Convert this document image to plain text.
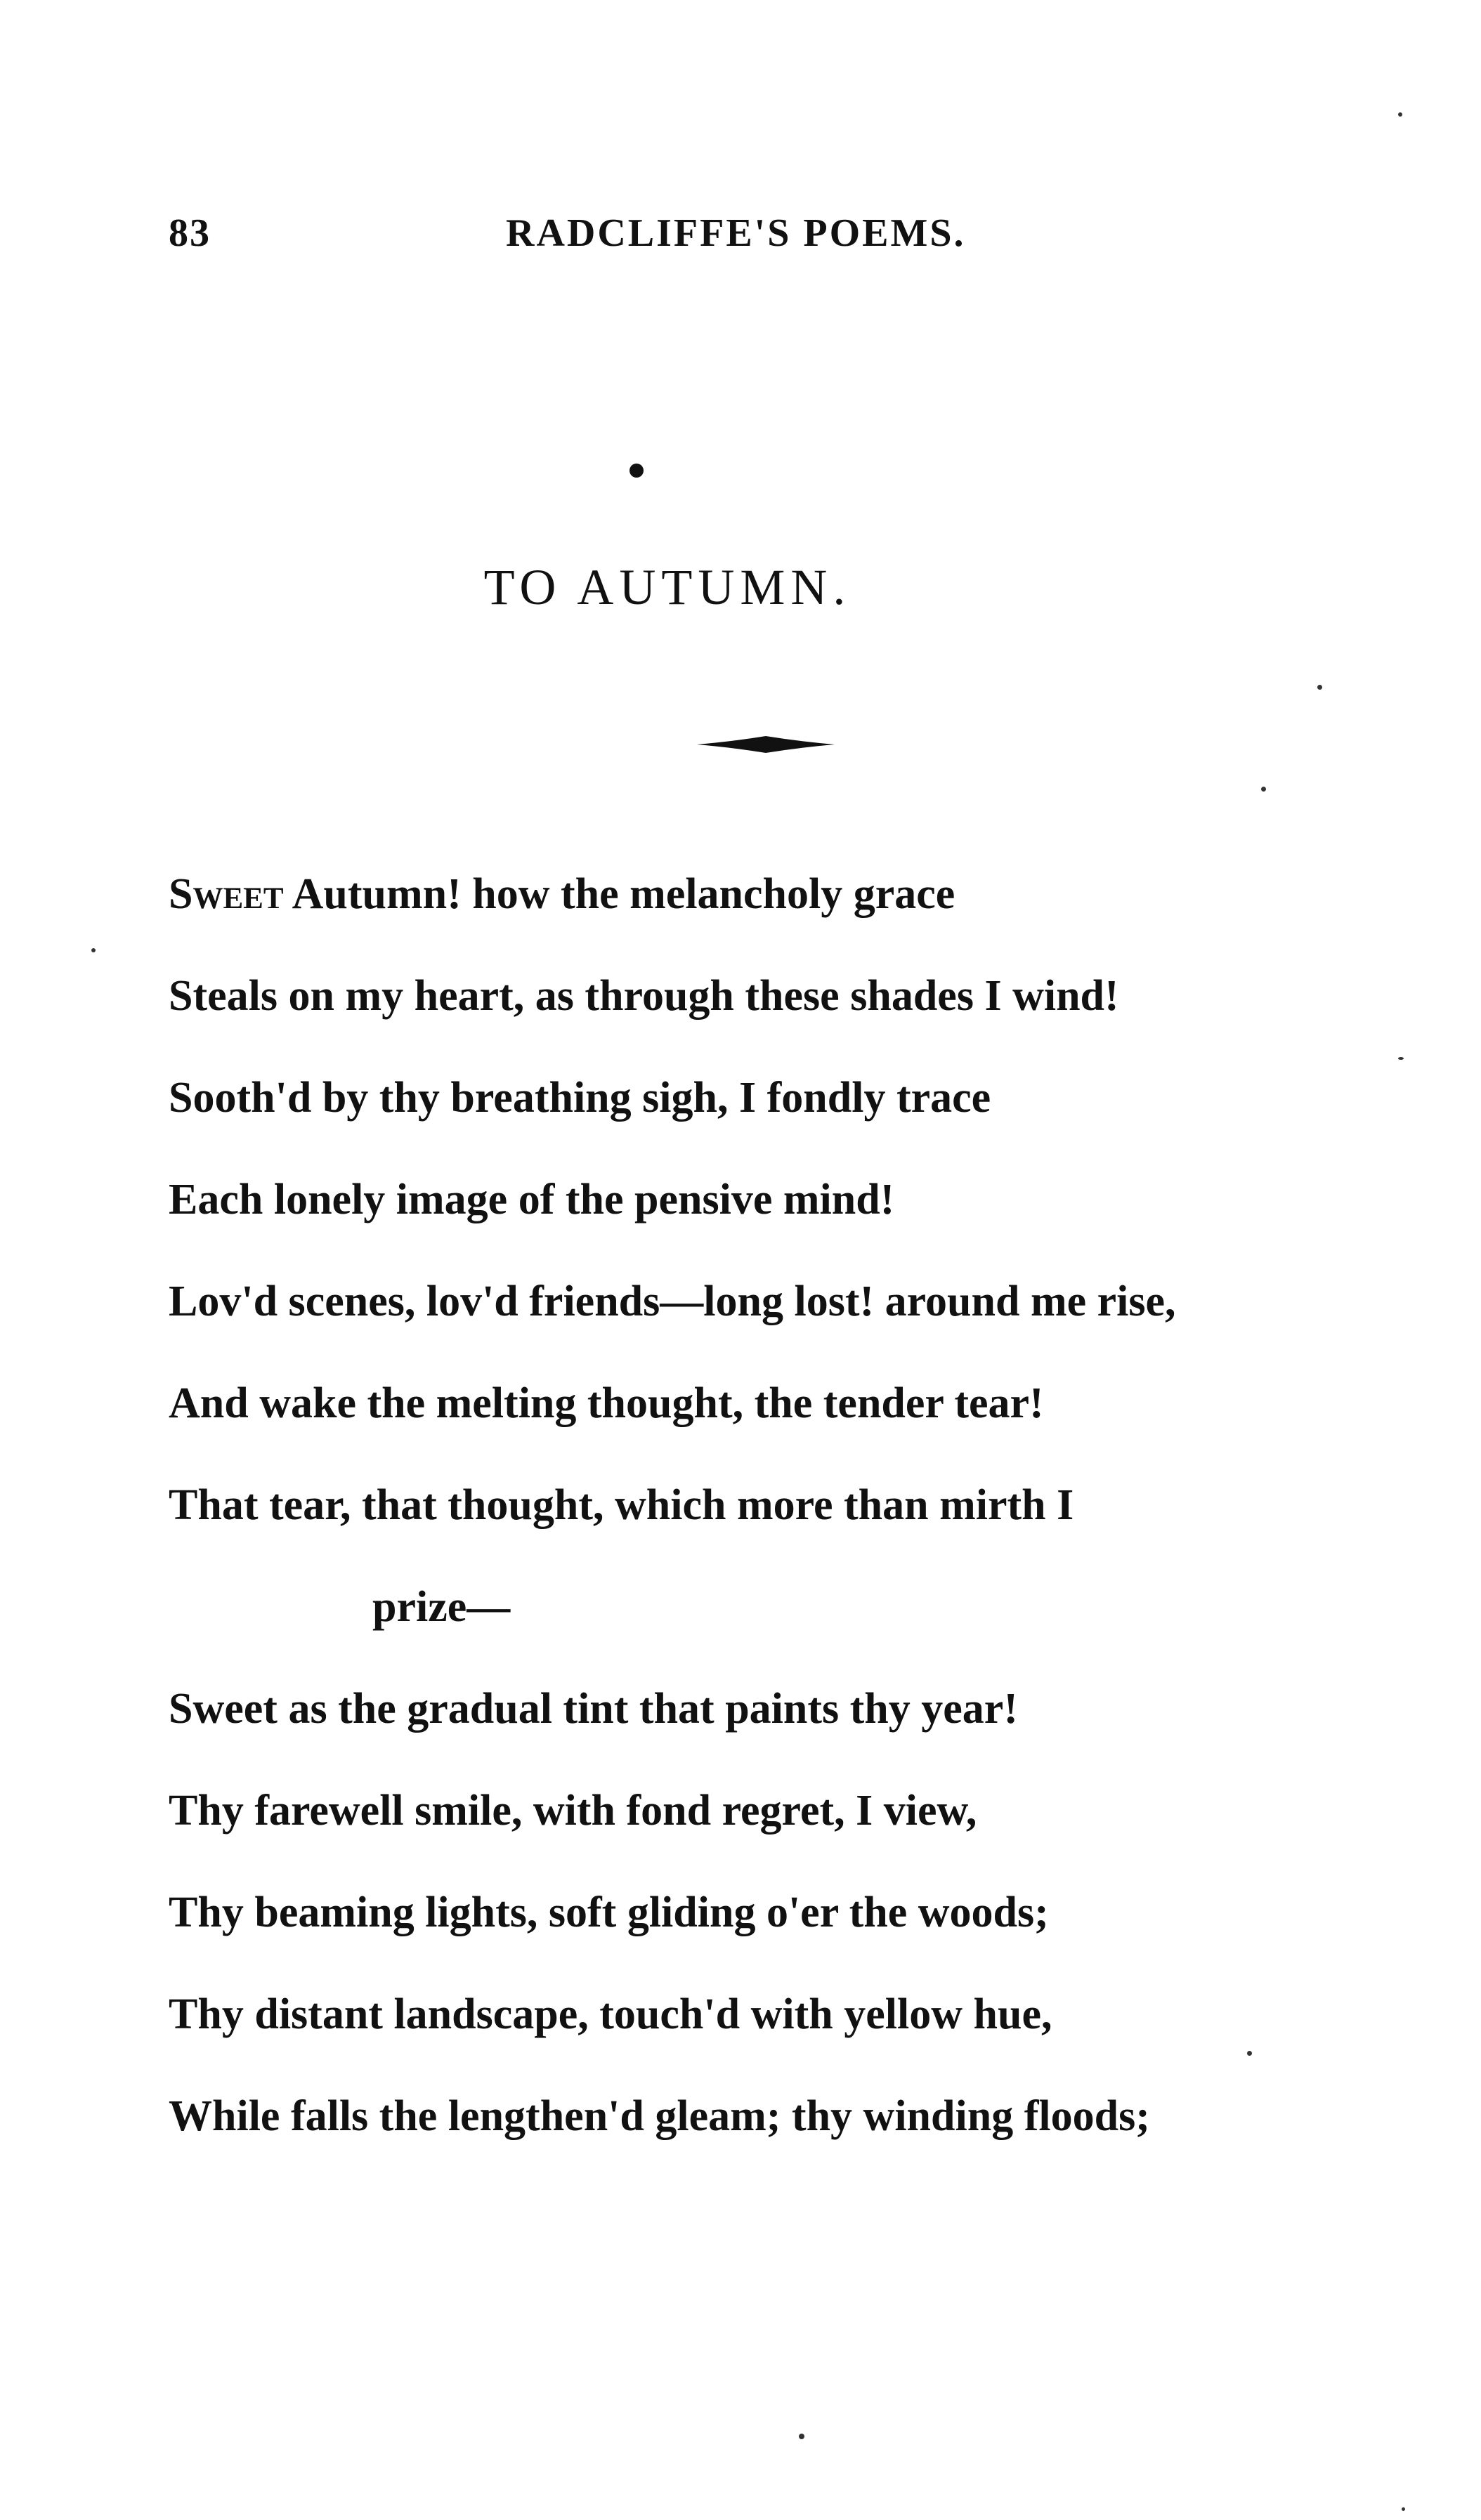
83	RADCLIFFE'S POEMS.
TO AUTUMN.
Sweet Autumn! how the melancholy grace
Steals on my heart, as through these shades I wind!
Sooth'd by thy breathing sigh, I fondly trace
Each lonely image of the pensive mind!
Lov'd scenes, lov'd friends—long lost! around me rise,
And wake the melting thought, the tender tear!
That tear, that thought, which more than mirth I
prize—
Sweet as the gradual tint that paints thy year!
Thy farewell smile, with fond regret, I view,
Thy beaming lights, soft gliding o'er the woods;
Thy distant landscape, touch'd with yellow hue,
While falls the lengthen'd gleam; thy winding floods;
